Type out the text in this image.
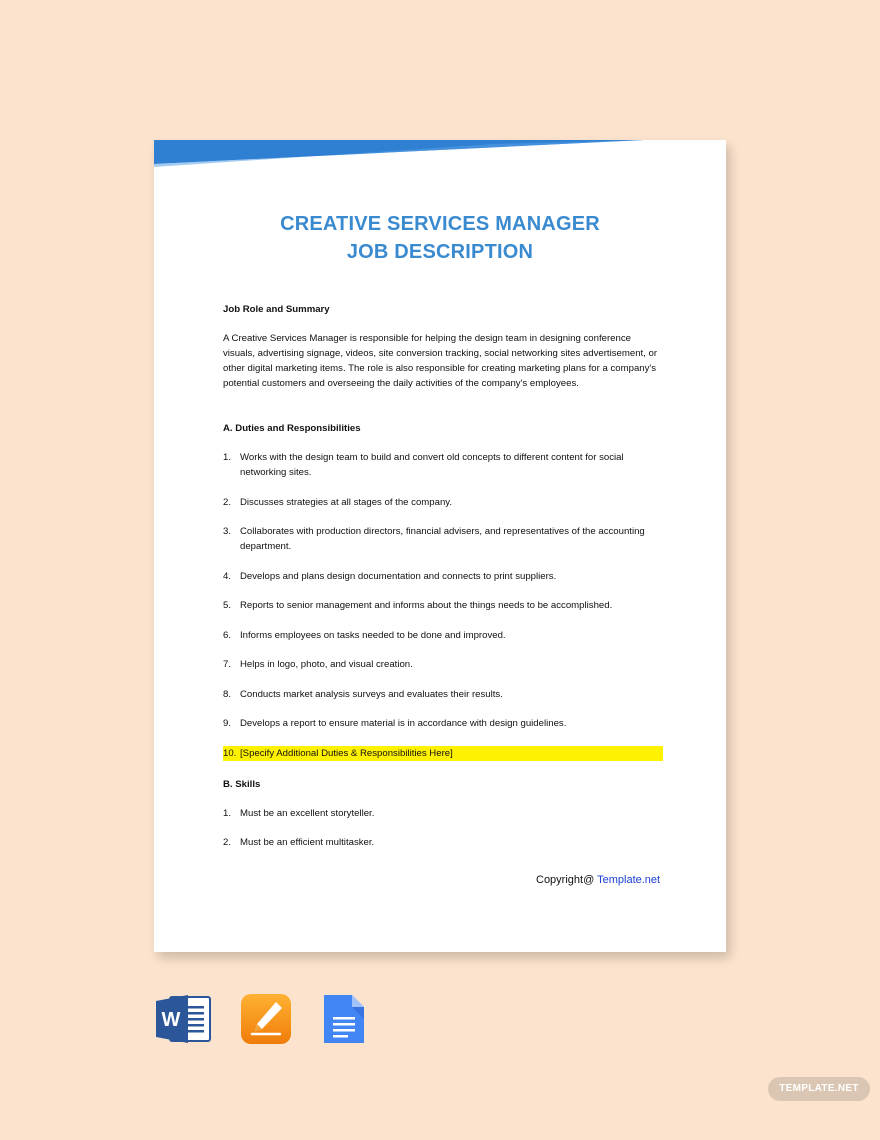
CREATIVE SERVICES MANAGER
JOB DESCRIPTION

Job Role and Summary

A Creative Services Manager is responsible for helping the design team in designing conference visuals, advertising signage, videos, site conversion tracking, social networking sites advertisement, or other digital marketing items. The role is also responsible for creating marketing plans for a company's potential customers and overseeing the daily activities of the company's employees.

A. Duties and Responsibilities

1. Works with the design team to build and convert old concepts to different content for social networking sites.
2. Discusses strategies at all stages of the company.
3. Collaborates with production directors, financial advisers, and representatives of the accounting department.
4. Develops and plans design documentation and connects to print suppliers.
5. Reports to senior management and informs about the things needs to be accomplished.
6. Informs employees on tasks needed to be done and improved.
7. Helps in logo, photo, and visual creation.
8. Conducts market analysis surveys and evaluates their results.
9. Develops a report to ensure material is in accordance with design guidelines.
10. [Specify Additional Duties & Responsibilities Here]

B. Skills

1. Must be an excellent storyteller.
2. Must be an efficient multitasker.
Copyright@ Template.net
W
TEMPLATE.NET
